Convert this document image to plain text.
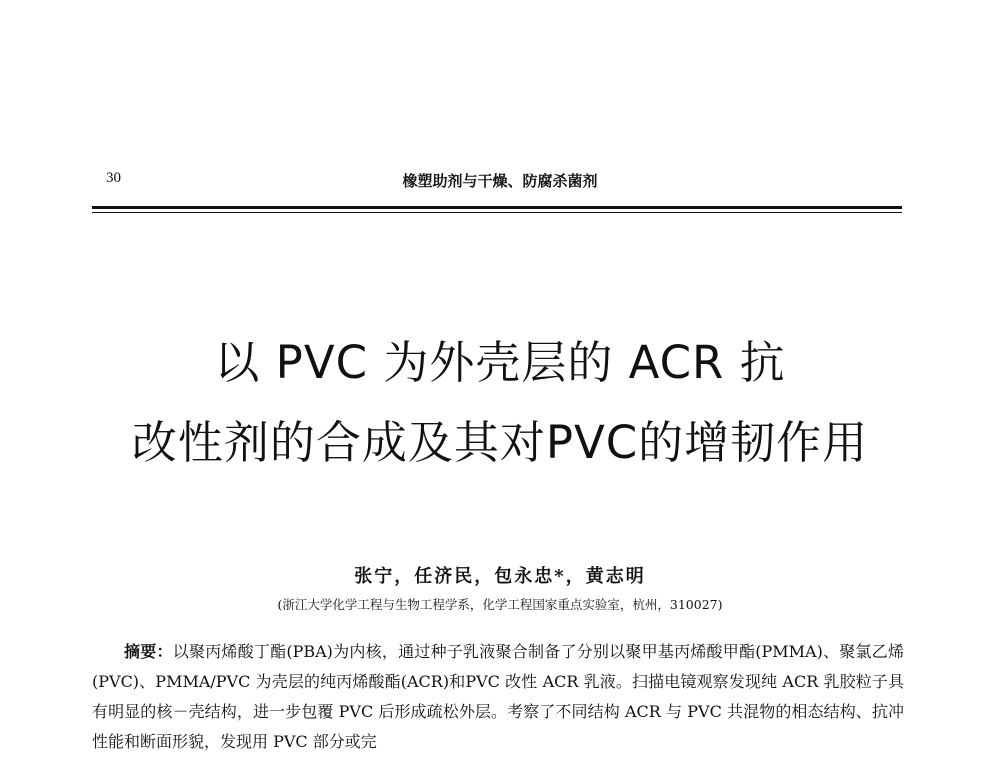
30	橡塑助剂与干燥、防腐杀菌剂
以 PVC 为外壳层的 ACR 抗
改性剂的合成及其对PVC的增韧作用
张宁，任济民，包永忠*，黄志明
(浙江大学化学工程与生物工程学系，化学工程国家重点实验室，杭州，310027)

摘要：以聚丙烯酸丁酯(PBA)为内核，通过种子乳液聚合制备了分别以聚甲基丙烯酸甲酯(PMMA)、聚氯乙烯(PVC)、PMMA/PVC 为壳层的纯丙烯酸酯(ACR)和PVC 改性 ACR 乳液。扫描电镜观察发现纯 ACR 乳胶粒子具有明显的核－壳结构，进一步包覆 PVC 后形成疏松外层。考察了不同结构 ACR 与 PVC 共混物的相态结构、抗冲性能和断面形貌，发现用 PVC 部分或完
